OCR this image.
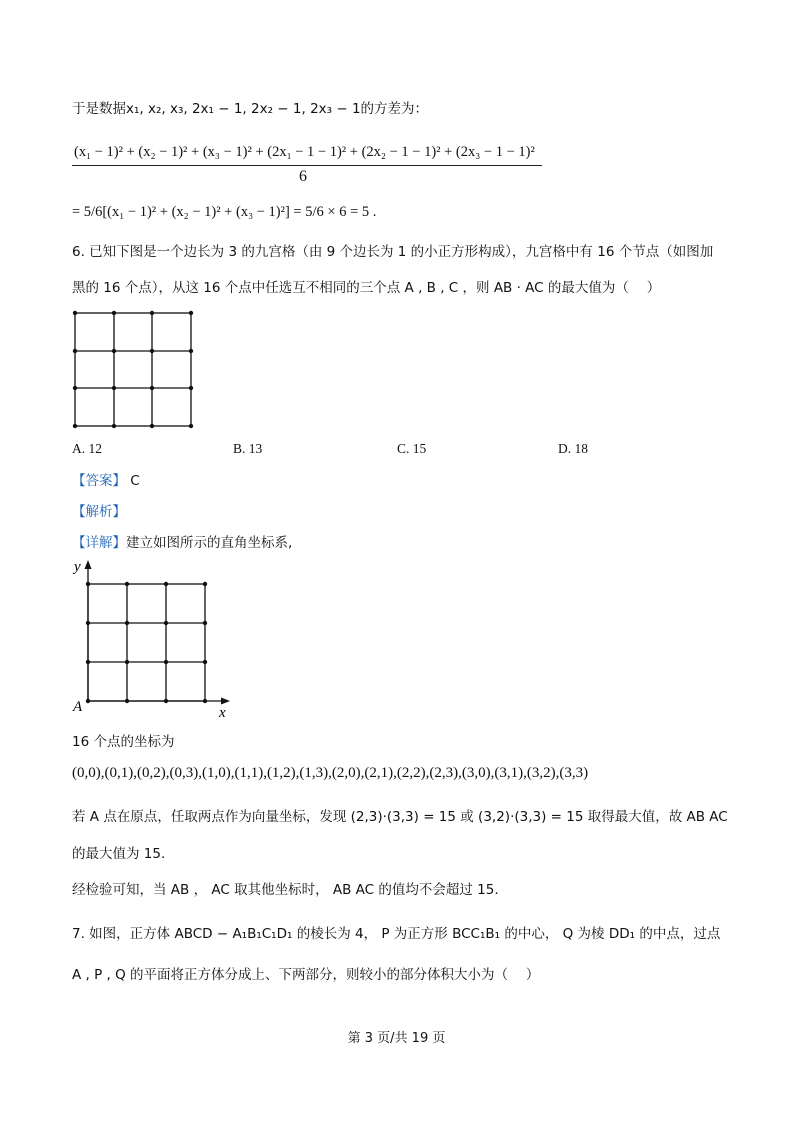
于是数据x₁, x₂, x₃, 2x₁ − 1, 2x₂ − 1, 2x₃ − 1的方差为：
(x₁ − 1)² + (x₂ − 1)² + (x₃ − 1)² + (2x₁ − 1 − 1)² + (2x₂ − 1 − 1)² + (2x₃ − 1 − 1)²
6
= 5/6[(x₁ − 1)² + (x₂ − 1)² + (x₃ − 1)²] = 5/6 × 6 = 5 .
6. 已知下图是一个边长为 3 的九宫格（由 9 个边长为 1 的小正方形构成），九宫格中有 16 个节点（如图加
黑的 16 个点），从这 16 个点中任选互不相同的三个点 A , B , C ，则 AB · AC 的最大值为（　 ）
A. 12	B. 13	C. 15	D. 18
【答案】 C
【解析】
【详解】建立如图所示的直角坐标系,
y
x
A
16 个点的坐标为
(0,0),(0,1),(0,2),(0,3),(1,0),(1,1),(1,2),(1,3),(2,0),(2,1),(2,2),(2,3),(3,0),(3,1),(3,2),(3,3)
若 A 点在原点，任取两点作为向量坐标，发现 (2,3)·(3,3) = 15 或 (3,2)·(3,3) = 15 取得最大值，故 AB AC
的最大值为 15.
经检验可知，当 AB ， AC 取其他坐标时， AB AC 的值均不会超过 15.
7. 如图，正方体 ABCD − A₁B₁C₁D₁ 的棱长为 4， P 为正方形 BCC₁B₁ 的中心， Q 为棱 DD₁ 的中点，过点
A , P , Q 的平面将正方体分成上、下两部分，则较小的部分体积大小为（　 ）
第 3 页/共 19 页
